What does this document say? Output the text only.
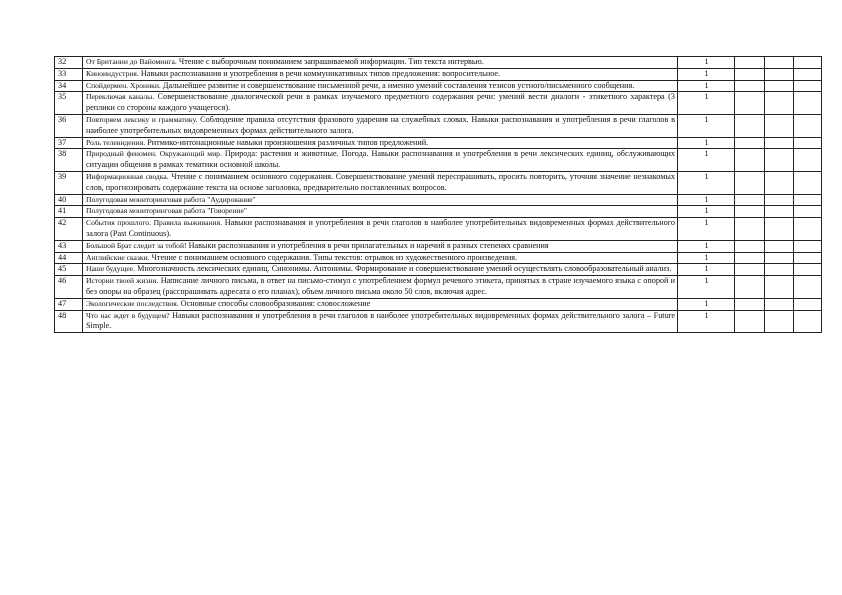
32	От Британии до Вайоминга. Чтение с выборочным пониманием запрашиваемой информации. Тип текста интервью.	1			
33	Киноиндустрия. Навыки распознавания и употребления в речи коммуникативных типов предложения: вопросительное.	1			
34	Спойдермен. Хроники. Дальнейшее развитие и совершенствование письменной речи, а именно умений составления тезисов устного/письменного сообщения.	1			
35	Переключая каналы. Совершенствование диалогической речи в рамках изучаемого предметного содержания речи: умений вести диалоги - этикетного характера (3 реплики со стороны каждого учащегося).	1			
36	Повторяем лексику и грамматику. Соблюдение правила отсутствия фразового ударения на служебных словах. Навыки распознавания и употребления в речи глаголов в наиболее употребительных видовременных формах действительного залога.	1			
37	Роль телевидения. Ритмико-интонационные навыки произношения различных типов предложений.	1			
38	Природный феномен. Окружающий мир. Природа: растения и животные. Погода. Навыки распознавания и употребления в речи лексических единиц, обслуживающих ситуации общения в рамках тематики основной школы.	1			
39	Информационная сводка. Чтение с пониманием основного содержания. Совершенствование умений переспрашивать, просить повторить, уточняя значение незнакомых слов, прогнозировать содержание текста на основе заголовка, предварительно поставленных вопросов.	1			
40	Полугодовая мониторинговая работа "Аудирование"	1			
41	Полугодовая мониторинговая работа "Говорение"	1			
42	События прошлого. Правила выживания. Навыки распознавания и употребления в речи глаголов в наиболее употребительных видовременных формах действительного залога (Past Continuous).	1			
43	Большой Брат следит за тобой! Навыки распознавания и употребления в речи прилагательных и наречий в разных степенях сравнения	1			
44	Английские сказки. Чтение с пониманием основного содержания. Типы текстов: отрывок из художественного произведения.	1			
45	Наше будущее. Многозначность лексических единиц. Синонимы. Антонимы. Формирование и совершенствование умений осуществлять словообразовательный анализ.	1			
46	Истории твоей жизни. Написание личного письма, в ответ на письмо-стимул с употреблением формул речевого этикета, принятых в стране изучаемого языка с опорой и без опоры на образец (расспрашивать адресата о его планах), объем личного письма около 50 слов, включая адрес.	1			
47	Экологические последствия. Основные способы словообразования: словосложение	1			
48	Что нас ждет в будущем? Навыки распознавания и употребления в речи глаголов в наиболее употребительных видовременных формах действительного залога – Future Simple.	1			
